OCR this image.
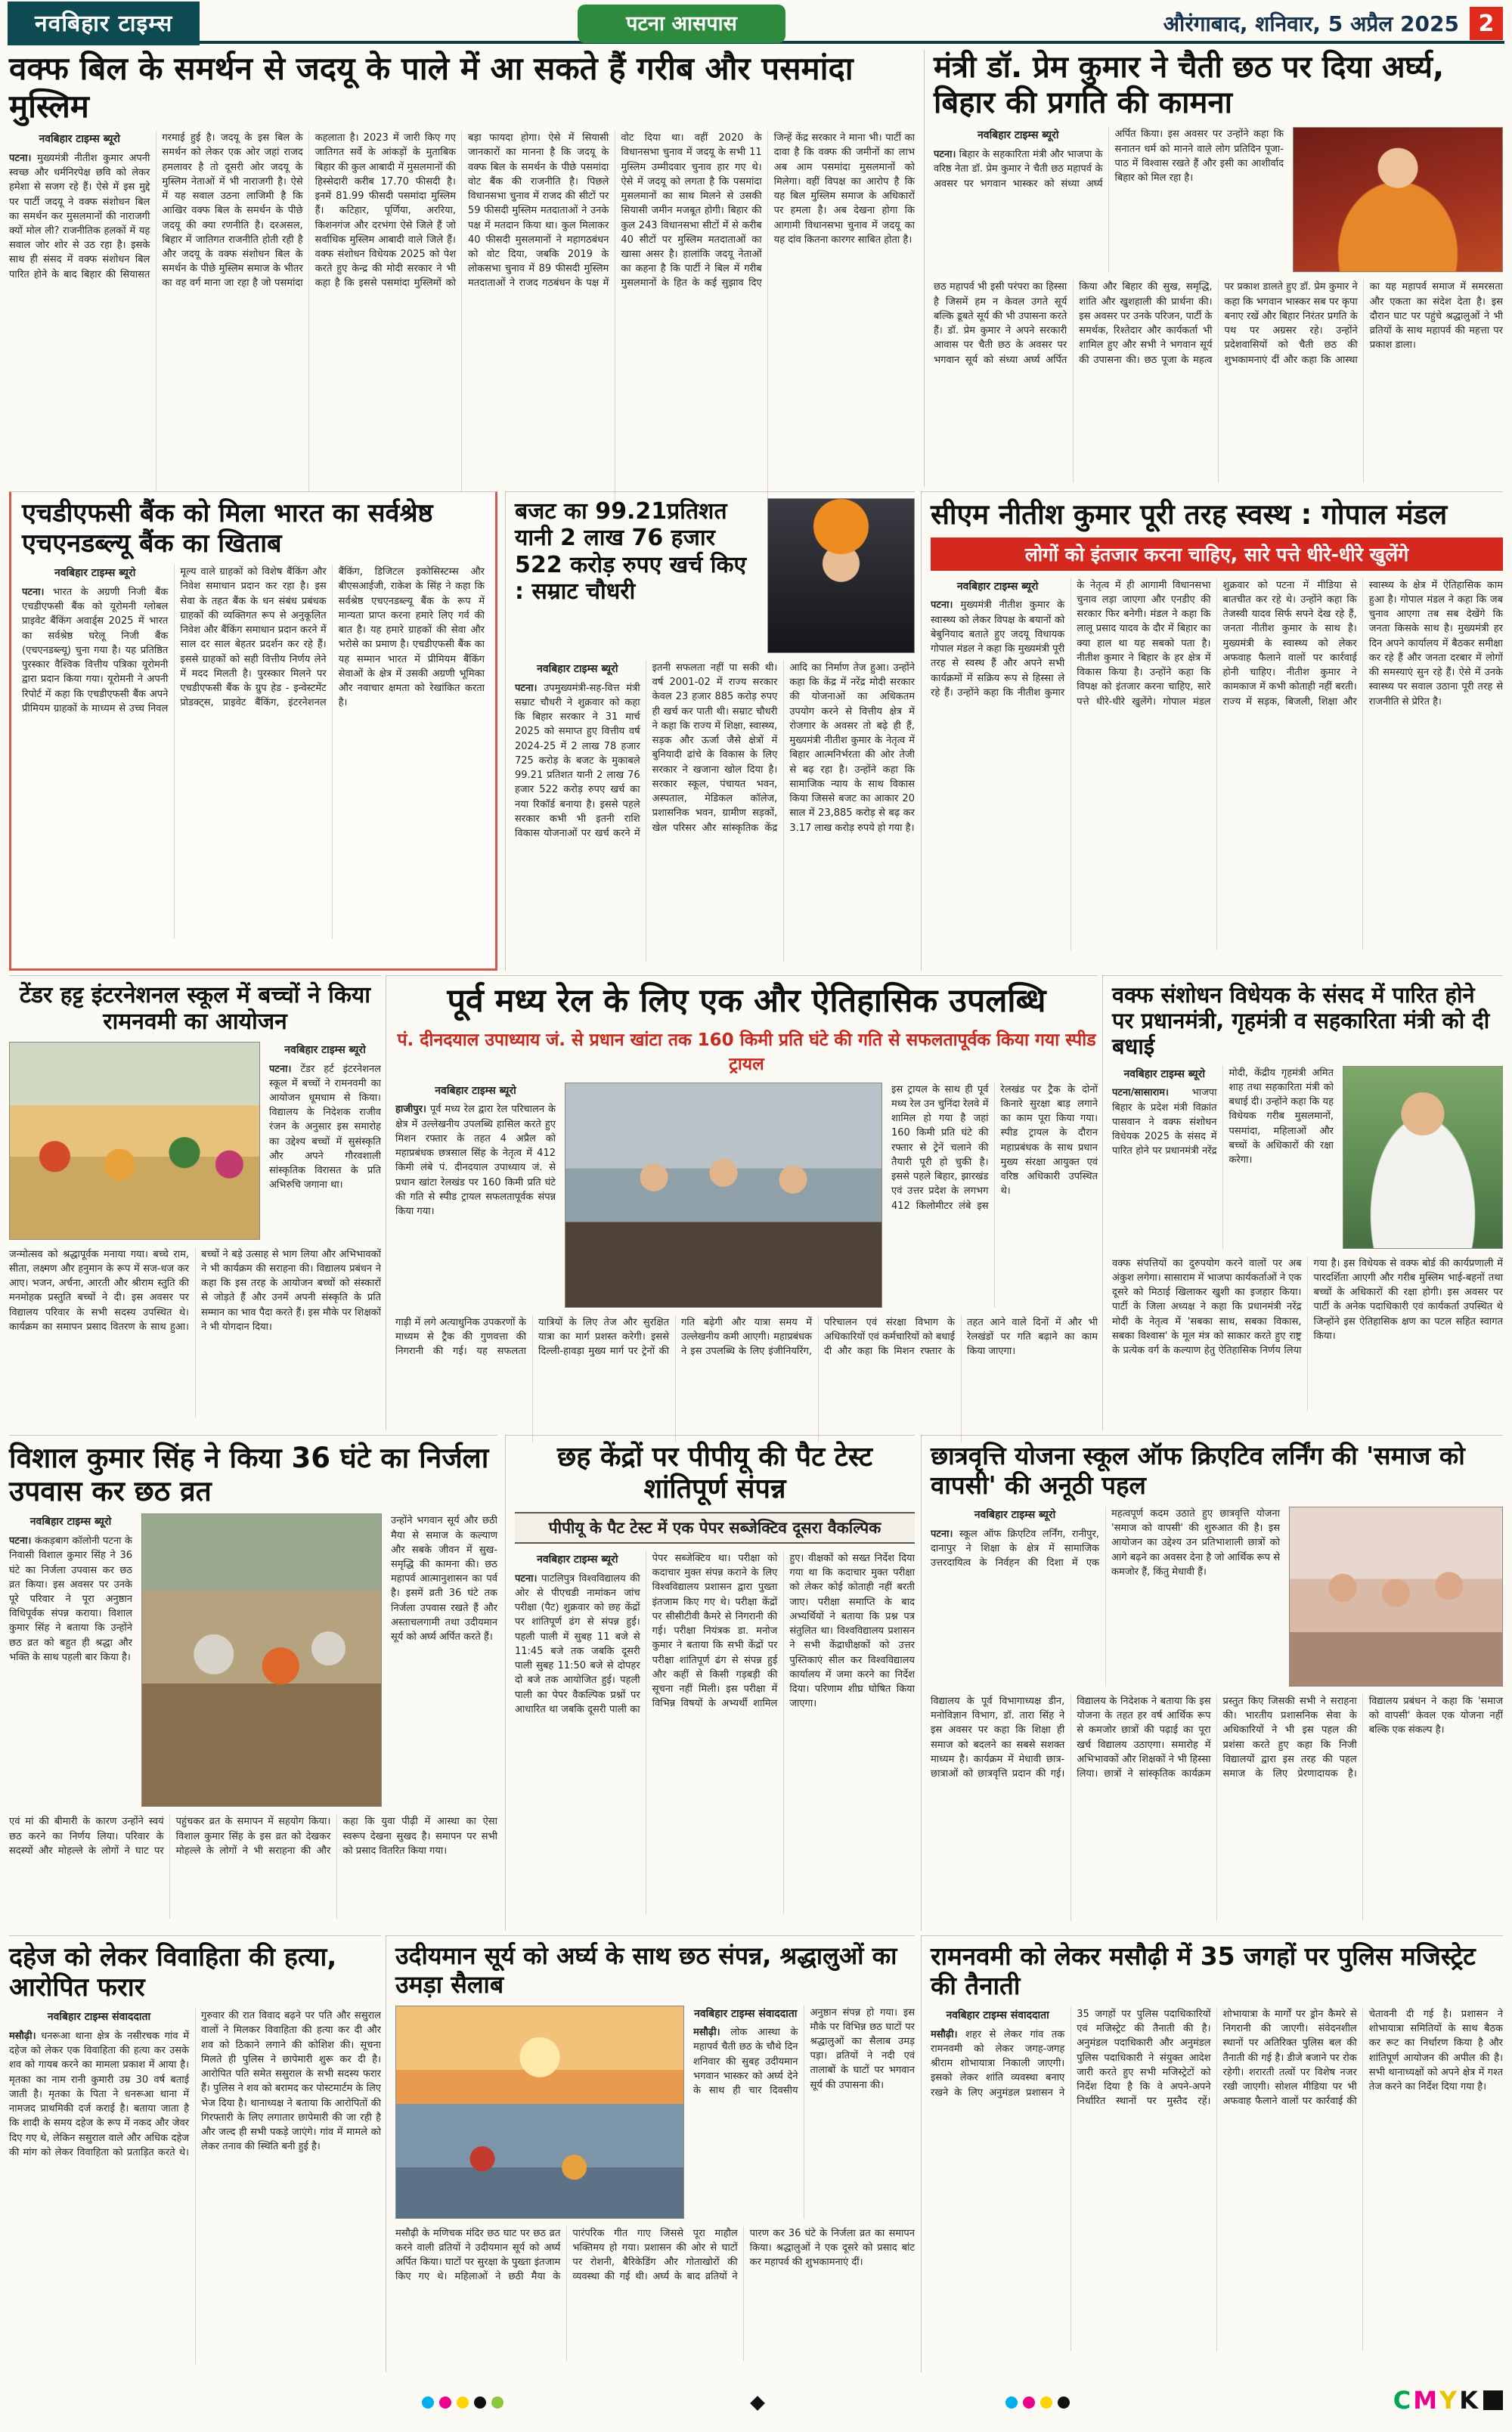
नवबिहार टाइम्स	पटना आसपास	औरंगाबाद, शनिवार, 5 अप्रैल 2025 2
वक्फ बिल के समर्थन से जदयू के पाले में आ सकते हैं गरीब और पसमांदा मुस्लिम
नवबिहार टाइम्स ब्यूरो

पटना। मुख्यमंत्री नीतीश कुमार अपनी स्वच्छ और धर्मनिरपेक्ष छवि को लेकर हमेशा से सजग रहे हैं। ऐसे में इस मुद्दे पर पार्टी जदयू ने वक्फ संशोधन बिल का समर्थन कर मुसलमानों की नाराजगी क्यों मोल ली? राजनीतिक हलकों में यह सवाल जोर शोर से उठ रहा है। इसके साथ ही संसद में वक्फ संशोधन बिल पारित होने के बाद बिहार की सियासत गरमाई हुई है। जदयू के इस बिल के समर्थन को लेकर एक ओर जहां राजद हमलावर है तो दूसरी ओर जदयू के मुस्लिम नेताओं में भी नाराजगी है। ऐसे में यह सवाल उठना लाजिमी है कि आखिर वक्फ बिल के समर्थन के पीछे जदयू की क्या रणनीति है। दरअसल, बिहार में जातिगत राजनीति होती रही है और जदयू के वक्फ संशोधन बिल के समर्थन के पीछे मुस्लिम समाज के भीतर का वह वर्ग माना जा रहा है जो पसमांदा कहलाता है। 2023 में जारी किए गए जातिगत सर्वे के आंकड़ों के मुताबिक बिहार की कुल आबादी में मुसलमानों की हिस्सेदारी करीब 17.70 फीसदी है। इनमें 81.99 फीसदी पसमांदा मुस्लिम हैं। कटिहार, पूर्णिया, अररिया, किशनगंज और दरभंगा ऐसे जिले हैं जो सर्वाधिक मुस्लिम आबादी वाले जिले हैं। वक्फ संशोधन विधेयक 2025 को पेश करते हुए केन्द्र की मोदी सरकार ने भी कहा है कि इससे पसमांदा मुस्लिमों को बड़ा फायदा होगा। ऐसे में सियासी जानकारों का मानना है कि जदयू के वक्फ बिल के समर्थन के पीछे पसमांदा वोट बैंक की राजनीति है। पिछले विधानसभा चुनाव में राजद की सीटों पर 59 फीसदी मुस्लिम मतदाताओं ने उनके पक्ष में मतदान किया था। कुल मिलाकर 40 फीसदी मुसलमानों ने महागठबंधन को वोट दिया, जबकि 2019 के लोकसभा चुनाव में 89 फीसदी मुस्लिम मतदाताओं ने राजद गठबंधन के पक्ष में वोट दिया था। वहीं 2020 के विधानसभा चुनाव में जदयू के सभी 11 मुस्लिम उम्मीदवार चुनाव हार गए थे। ऐसे में जदयू को लगता है कि पसमांदा मुसलमानों का साथ मिलने से उसकी सियासी जमीन मजबूत होगी। बिहार की कुल 243 विधानसभा सीटों में से करीब 40 सीटों पर मुस्लिम मतदाताओं का खासा असर है। हालांकि जदयू नेताओं का कहना है कि पार्टी ने बिल में गरीब मुसलमानों के हित के कई सुझाव दिए जिन्हें केंद्र सरकार ने माना भी। पार्टी का दावा है कि वक्फ की जमीनों का लाभ अब आम पसमांदा मुसलमानों को मिलेगा। वहीं विपक्ष का आरोप है कि यह बिल मुस्लिम समाज के अधिकारों पर हमला है। अब देखना होगा कि आगामी विधानसभा चुनाव में जदयू का यह दांव कितना कारगर साबित होता है।

मंत्री डॉ. प्रेम कुमार ने चैती छठ पर दिया अर्घ्य, बिहार की प्रगति की कामना
नवबिहार टाइम्स ब्यूरो

पटना। बिहार के सहकारिता मंत्री और भाजपा के वरिष्ठ नेता डॉ. प्रेम कुमार ने चैती छठ महापर्व के अवसर पर भगवान भास्कर को संध्या अर्घ्य अर्पित किया। इस अवसर पर उन्होंने कहा कि सनातन धर्म को मानने वाले लोग प्रतिदिन पूजा-पाठ में विश्वास रखते हैं और इसी का आशीर्वाद बिहार को मिल रहा है।

छठ महापर्व भी इसी परंपरा का हिस्सा है जिसमें हम न केवल उगते सूर्य बल्कि डूबते सूर्य की भी उपासना करते हैं। डॉ. प्रेम कुमार ने अपने सरकारी आवास पर चैती छठ के अवसर पर भगवान सूर्य को संध्या अर्घ्य अर्पित किया और बिहार की सुख, समृद्धि, शांति और खुशहाली की प्रार्थना की। इस अवसर पर उनके परिजन, पार्टी के समर्थक, रिश्तेदार और कार्यकर्ता भी शामिल हुए और सभी ने भगवान सूर्य की उपासना की। छठ पूजा के महत्व पर प्रकाश डालते हुए डॉ. प्रेम कुमार ने कहा कि भगवान भास्कर सब पर कृपा बनाए रखें और बिहार निरंतर प्रगति के पथ पर अग्रसर रहे। उन्होंने प्रदेशवासियों को चैती छठ की शुभकामनाएं दीं और कहा कि आस्था का यह महापर्व समाज में समरसता और एकता का संदेश देता है। इस दौरान घाट पर पहुंचे श्रद्धालुओं ने भी व्रतियों के साथ महापर्व की महत्ता पर प्रकाश डाला।

एचडीएफसी बैंक को मिला भारत का सर्वश्रेष्ठ एचएनडब्ल्यू बैंक का खिताब
नवबिहार टाइम्स ब्यूरो

पटना। भारत के अग्रणी निजी बैंक एचडीएफसी बैंक को यूरोमनी ग्लोबल प्राइवेट बैंकिंग अवार्ड्स 2025 में भारत का सर्वश्रेष्ठ घरेलू निजी बैंक (एचएनडब्ल्यू) चुना गया है। यह प्रतिष्ठित पुरस्कार वैश्विक वित्तीय पत्रिका यूरोमनी द्वारा प्रदान किया गया। यूरोमनी ने अपनी रिपोर्ट में कहा कि एचडीएफसी बैंक अपने प्रीमियम ग्राहकों के माध्यम से उच्च निवल मूल्य वाले ग्राहकों को विशेष बैंकिंग और निवेश समाधान प्रदान कर रहा है। इस सेवा के तहत बैंक के धन संबंध प्रबंधक ग्राहकों की व्यक्तिगत रूप से अनुकूलित निवेश और बैंकिंग समाधान प्रदान करने में साल दर साल बेहतर प्रदर्शन कर रहे हैं। इससे ग्राहकों को सही वित्तीय निर्णय लेने में मदद मिलती है। पुरस्कार मिलने पर एचडीएफसी बैंक के ग्रुप हेड - इन्वेस्टमेंट प्रोडक्ट्स, प्राइवेट बैंकिंग, इंटरनेशनल बैंकिंग, डिजिटल इकोसिस्टम्स और बीएसआईजी, राकेश के सिंह ने कहा कि सर्वश्रेष्ठ एचएनडब्ल्यू बैंक के रूप में मान्यता प्राप्त करना हमारे लिए गर्व की बात है। यह हमारे ग्राहकों की सेवा और भरोसे का प्रमाण है। एचडीएफसी बैंक का यह सम्मान भारत में प्रीमियम बैंकिंग सेवाओं के क्षेत्र में उसकी अग्रणी भूमिका और नवाचार क्षमता को रेखांकित करता है।

बजट का 99.21प्रतिशत यानी 2 लाख 76 हजार 522 करोड़ रुपए खर्च किए : सम्राट चौधरी
नवबिहार टाइम्स ब्यूरो

पटना। उपमुख्यमंत्री-सह-वित्त मंत्री सम्राट चौधरी ने शुक्रवार को कहा कि बिहार सरकार ने 31 मार्च 2025 को समाप्त हुए वित्तीय वर्ष 2024-25 में 2 लाख 78 हजार 725 करोड़ के बजट के मुकाबले 99.21 प्रतिशत यानी 2 लाख 76 हजार 522 करोड़ रुपए खर्च का नया रिकॉर्ड बनाया है। इससे पहले सरकार कभी भी इतनी राशि विकास योजनाओं पर खर्च करने में इतनी सफलता नहीं पा सकी थी। वर्ष 2001-02 में राज्य सरकार केवल 23 हजार 885 करोड़ रुपए ही खर्च कर पाती थी। सम्राट चौधरी ने कहा कि राज्य में शिक्षा, स्वास्थ्य, सड़क और ऊर्जा जैसे क्षेत्रों में बुनियादी ढांचे के विकास के लिए सरकार ने खजाना खोल दिया है। सरकार स्कूल, पंचायत भवन, अस्पताल, मेडिकल कॉलेज, प्रशासनिक भवन, ग्रामीण सड़कों, खेल परिसर और सांस्कृतिक केंद्र आदि का निर्माण तेज हुआ। उन्होंने कहा कि केंद्र में नरेंद्र मोदी सरकार की योजनाओं का अधिकतम उपयोग करने से वित्तीय क्षेत्र में रोजगार के अवसर तो बढ़े ही हैं, मुख्यमंत्री नीतीश कुमार के नेतृत्व में बिहार आत्मनिर्भरता की ओर तेजी से बढ़ रहा है। उन्होंने कहा कि सामाजिक न्याय के साथ विकास किया जिससे बजट का आकार 20 साल में 23,885 करोड़ से बढ़ कर 3.17 लाख करोड़ रुपये हो गया है।

सीएम नीतीश कुमार पूरी तरह स्वस्थ : गोपाल मंडल
लोगों को इंतजार करना चाहिए, सारे पत्ते धीरे-धीरे खुलेंगे
नवबिहार टाइम्स ब्यूरो

पटना। मुख्यमंत्री नीतीश कुमार के स्वास्थ्य को लेकर विपक्ष के बयानों को बेबुनियाद बताते हुए जदयू विधायक गोपाल मंडल ने कहा कि मुख्यमंत्री पूरी तरह से स्वस्थ हैं और अपने सभी कार्यक्रमों में सक्रिय रूप से हिस्सा ले रहे हैं। उन्होंने कहा कि नीतीश कुमार के नेतृत्व में ही आगामी विधानसभा चुनाव लड़ा जाएगा और एनडीए की सरकार फिर बनेगी। मंडल ने कहा कि लालू प्रसाद यादव के दौर में बिहार का क्या हाल था यह सबको पता है। नीतीश कुमार ने बिहार के हर क्षेत्र में विकास किया है। उन्होंने कहा कि विपक्ष को इंतजार करना चाहिए, सारे पत्ते धीरे-धीरे खुलेंगे। गोपाल मंडल शुक्रवार को पटना में मीडिया से बातचीत कर रहे थे। उन्होंने कहा कि तेजस्वी यादव सिर्फ सपने देख रहे हैं, जनता नीतीश कुमार के साथ है। मुख्यमंत्री के स्वास्थ्य को लेकर अफवाह फैलाने वालों पर कार्रवाई होनी चाहिए। नीतीश कुमार ने कामकाज में कभी कोताही नहीं बरती। राज्य में सड़क, बिजली, शिक्षा और स्वास्थ्य के क्षेत्र में ऐतिहासिक काम हुआ है। गोपाल मंडल ने कहा कि जब चुनाव आएगा तब सब देखेंगे कि जनता किसके साथ है। मुख्यमंत्री हर दिन अपने कार्यालय में बैठकर समीक्षा कर रहे हैं और जनता दरबार में लोगों की समस्याएं सुन रहे हैं। ऐसे में उनके स्वास्थ्य पर सवाल उठाना पूरी तरह से राजनीति से प्रेरित है।

टेंडर हट्ट इंटरनेशनल स्कूल में बच्चों ने किया रामनवमी का आयोजन
नवबिहार टाइम्स ब्यूरो

पटना। टेंडर हर्ट इंटरनेशनल स्कूल में बच्चों ने रामनवमी का आयोजन धूमधाम से किया। विद्यालय के निदेशक राजीव रंजन के अनुसार इस समारोह का उद्देश्य बच्चों में सुसंस्कृति और अपने गौरवशाली सांस्कृतिक विरासत के प्रति अभिरुचि जगाना था।

जन्मोत्सव को श्रद्धापूर्वक मनाया गया। बच्चे राम, सीता, लक्ष्मण और हनुमान के रूप में सज-धज कर आए। भजन, अर्चना, आरती और श्रीराम स्तुति की मनमोहक प्रस्तुति बच्चों ने दी। इस अवसर पर विद्यालय परिवार के सभी सदस्य उपस्थित थे। कार्यक्रम का समापन प्रसाद वितरण के साथ हुआ। बच्चों ने बड़े उत्साह से भाग लिया और अभिभावकों ने भी कार्यक्रम की सराहना की। विद्यालय प्रबंधन ने कहा कि इस तरह के आयोजन बच्चों को संस्कारों से जोड़ते हैं और उनमें अपनी संस्कृति के प्रति सम्मान का भाव पैदा करते हैं। इस मौके पर शिक्षकों ने भी योगदान दिया।

पूर्व मध्य रेल के लिए एक और ऐतिहासिक उपलब्धि
पं. दीनदयाल उपाध्याय जं. से प्रधान खांटा तक 160 किमी प्रति घंटे की गति से सफलतापूर्वक किया गया स्पीड ट्रायल
नवबिहार टाइम्स ब्यूरो

हाजीपुर। पूर्व मध्य रेल द्वारा रेल परिचालन के क्षेत्र में उल्लेखनीय उपलब्धि हासिल करते हुए मिशन रफ्तार के तहत 4 अप्रैल को महाप्रबंधक छत्रसाल सिंह के नेतृत्व में 412 किमी लंबे पं. दीनदयाल उपाध्याय जं. से प्रधान खांटा रेलखंड पर 160 किमी प्रति घंटे की गति से स्पीड ट्रायल सफलतापूर्वक संपन्न किया गया।

इस ट्रायल के साथ ही पूर्व मध्य रेल उन चुनिंदा रेलवे में शामिल हो गया है जहां 160 किमी प्रति घंटे की रफ्तार से ट्रेनें चलाने की तैयारी पूरी हो चुकी है। इससे पहले बिहार, झारखंड एवं उत्तर प्रदेश के लगभग 412 किलोमीटर लंबे इस रेलखंड पर ट्रैक के दोनों किनारे सुरक्षा बाड़ लगाने का काम पूरा किया गया। स्पीड ट्रायल के दौरान महाप्रबंधक के साथ प्रधान मुख्य संरक्षा आयुक्त एवं वरिष्ठ अधिकारी उपस्थित थे।

गाड़ी में लगे अत्याधुनिक उपकरणों के माध्यम से ट्रैक की गुणवत्ता की निगरानी की गई। यह सफलता यात्रियों के लिए तेज और सुरक्षित यात्रा का मार्ग प्रशस्त करेगी। इससे दिल्ली-हावड़ा मुख्य मार्ग पर ट्रेनों की गति बढ़ेगी और यात्रा समय में उल्लेखनीय कमी आएगी। महाप्रबंधक ने इस उपलब्धि के लिए इंजीनियरिंग, परिचालन एवं संरक्षा विभाग के अधिकारियों एवं कर्मचारियों को बधाई दी और कहा कि मिशन रफ्तार के तहत आने वाले दिनों में और भी रेलखंडों पर गति बढ़ाने का काम किया जाएगा।

वक्फ संशोधन विधेयक के संसद में पारित होने पर प्रधानमंत्री, गृहमंत्री व सहकारिता मंत्री को दी बधाई
नवबिहार टाइम्स ब्यूरो

पटना/सासाराम। भाजपा बिहार के प्रदेश मंत्री विक्रांत पासवान ने वक्फ संशोधन विधेयक 2025 के संसद में पारित होने पर प्रधानमंत्री नरेंद्र मोदी, केंद्रीय गृहमंत्री अमित शाह तथा सहकारिता मंत्री को बधाई दी। उन्होंने कहा कि यह विधेयक गरीब मुसलमानों, पसमांदा, महिलाओं और बच्चों के अधिकारों की रक्षा करेगा।

वक्फ संपत्तियों का दुरुपयोग करने वालों पर अब अंकुश लगेगा। सासाराम में भाजपा कार्यकर्ताओं ने एक दूसरे को मिठाई खिलाकर खुशी का इजहार किया। पार्टी के जिला अध्यक्ष ने कहा कि प्रधानमंत्री नरेंद्र मोदी के नेतृत्व में 'सबका साथ, सबका विकास, सबका विश्वास' के मूल मंत्र को साकार करते हुए राष्ट्र के प्रत्येक वर्ग के कल्याण हेतु ऐतिहासिक निर्णय लिया गया है। इस विधेयक से वक्फ बोर्ड की कार्यप्रणाली में पारदर्शिता आएगी और गरीब मुस्लिम भाई-बहनों तथा बच्चों के अधिकारों की रक्षा होगी। इस अवसर पर पार्टी के अनेक पदाधिकारी एवं कार्यकर्ता उपस्थित थे जिन्होंने इस ऐतिहासिक क्षण का पटल सहित स्वागत किया।

विशाल कुमार सिंह ने किया 36 घंटे का निर्जला उपवास कर छठ व्रत
नवबिहार टाइम्स ब्यूरो

पटना। कंकड़बाग कॉलोनी पटना के निवासी विशाल कुमार सिंह ने 36 घंटे का निर्जला उपवास कर छठ व्रत किया। इस अवसर पर उनके पूरे परिवार ने पूरा अनुष्ठान विधिपूर्वक संपन्न कराया। विशाल कुमार सिंह ने बताया कि उन्होंने छठ व्रत को बहुत ही श्रद्धा और भक्ति के साथ पहली बार किया है।

उन्होंने भगवान सूर्य और छठी मैया से समाज के कल्याण और सबके जीवन में सुख-समृद्धि की कामना की। छठ महापर्व आत्मानुशासन का पर्व है। इसमें व्रती 36 घंटे तक निर्जला उपवास रखते हैं और अस्ताचलगामी तथा उदीयमान सूर्य को अर्घ्य अर्पित करते हैं।

एवं मां की बीमारी के कारण उन्होंने स्वयं छठ करने का निर्णय लिया। परिवार के सदस्यों और मोहल्ले के लोगों ने घाट पर पहुंचकर व्रत के समापन में सहयोग किया। विशाल कुमार सिंह के इस व्रत को देखकर मोहल्ले के लोगों ने भी सराहना की और कहा कि युवा पीढ़ी में आस्था का ऐसा स्वरूप देखना सुखद है। समापन पर सभी को प्रसाद वितरित किया गया।

छह केंद्रों पर पीपीयू की पैट टेस्ट शांतिपूर्ण संपन्न
पीपीयू के पैट टेस्ट में एक पेपर सब्जेक्टिव दूसरा वैकल्पिक
नवबिहार टाइम्स ब्यूरो

पटना। पाटलिपुत्र विश्वविद्यालय की ओर से पीएचडी नामांकन जांच परीक्षा (पैट) शुक्रवार को छह केंद्रों पर शांतिपूर्ण ढंग से संपन्न हुई। पहली पाली में सुबह 11 बजे से 11:45 बजे तक जबकि दूसरी पाली सुबह 11:50 बजे से दोपहर दो बजे तक आयोजित हुई। पहली पाली का पेपर वैकल्पिक प्रश्नों पर आधारित था जबकि दूसरी पाली का पेपर सब्जेक्टिव था। परीक्षा को कदाचार मुक्त संपन्न कराने के लिए विश्वविद्यालय प्रशासन द्वारा पुख्ता इंतजाम किए गए थे। परीक्षा केंद्रों पर सीसीटीवी कैमरे से निगरानी की गई। परीक्षा नियंत्रक डा. मनोज कुमार ने बताया कि सभी केंद्रों पर परीक्षा शांतिपूर्ण ढंग से संपन्न हुई और कहीं से किसी गड़बड़ी की सूचना नहीं मिली। इस परीक्षा में विभिन्न विषयों के अभ्यर्थी शामिल हुए। वीक्षकों को सख्त निर्देश दिया गया था कि कदाचार मुक्त परीक्षा को लेकर कोई कोताही नहीं बरती जाए। परीक्षा समाप्ति के बाद अभ्यर्थियों ने बताया कि प्रश्न पत्र संतुलित था। विश्वविद्यालय प्रशासन ने सभी केंद्राधीक्षकों को उत्तर पुस्तिकाएं सील कर विश्वविद्यालय कार्यालय में जमा करने का निर्देश दिया। परिणाम शीघ्र घोषित किया जाएगा।

छात्रवृत्ति योजना स्कूल ऑफ क्रिएटिव लर्निंग की 'समाज को वापसी' की अनूठी पहल
नवबिहार टाइम्स ब्यूरो

पटना। स्कूल ऑफ क्रिएटिव लर्निंग, रानीपुर, दानापुर ने शिक्षा के क्षेत्र में सामाजिक उत्तरदायित्व के निर्वहन की दिशा में एक महत्वपूर्ण कदम उठाते हुए छात्रवृत्ति योजना 'समाज को वापसी' की शुरुआत की है। इस आयोजन का उद्देश्य उन प्रतिभाशाली छात्रों को आगे बढ़ने का अवसर देना है जो आर्थिक रूप से कमजोर हैं, किंतु मेधावी हैं।

विद्यालय के पूर्व विभागाध्यक्ष डीन, मनोविज्ञान विभाग, डॉ. तारा सिंह ने इस अवसर पर कहा कि शिक्षा ही समाज को बदलने का सबसे सशक्त माध्यम है। कार्यक्रम में मेधावी छात्र-छात्राओं को छात्रवृत्ति प्रदान की गई। विद्यालय के निदेशक ने बताया कि इस योजना के तहत हर वर्ष आर्थिक रूप से कमजोर छात्रों की पढ़ाई का पूरा खर्च विद्यालय उठाएगा। समारोह में अभिभावकों और शिक्षकों ने भी हिस्सा लिया। छात्रों ने सांस्कृतिक कार्यक्रम प्रस्तुत किए जिसकी सभी ने सराहना की। भारतीय प्रशासनिक सेवा के अधिकारियों ने भी इस पहल की प्रशंसा करते हुए कहा कि निजी विद्यालयों द्वारा इस तरह की पहल समाज के लिए प्रेरणादायक है। विद्यालय प्रबंधन ने कहा कि 'समाज को वापसी' केवल एक योजना नहीं बल्कि एक संकल्प है।

दहेज को लेकर विवाहिता की हत्या, आरोपित फरार
नवबिहार टाइम्स संवाददाता

मसौढ़ी। धनरूआ थाना क्षेत्र के नसीरचक गांव में दहेज को लेकर एक विवाहिता की हत्या कर उसके शव को गायब करने का मामला प्रकाश में आया है। मृतका का नाम रानी कुमारी उम्र 30 वर्ष बताई जाती है। मृतका के पिता ने धनरूआ थाना में नामजद प्राथमिकी दर्ज कराई है। बताया जाता है कि शादी के समय दहेज के रूप में नकद और जेवर दिए गए थे, लेकिन ससुराल वाले और अधिक दहेज की मांग को लेकर विवाहिता को प्रताड़ित करते थे। गुरुवार की रात विवाद बढ़ने पर पति और ससुराल वालों ने मिलकर विवाहिता की हत्या कर दी और शव को ठिकाने लगाने की कोशिश की। सूचना मिलते ही पुलिस ने छापेमारी शुरू कर दी है। आरोपित पति समेत ससुराल के सभी सदस्य फरार हैं। पुलिस ने शव को बरामद कर पोस्टमार्टम के लिए भेज दिया है। थानाध्यक्ष ने बताया कि आरोपितों की गिरफ्तारी के लिए लगातार छापेमारी की जा रही है और जल्द ही सभी पकड़े जाएंगे। गांव में मामले को लेकर तनाव की स्थिति बनी हुई है।

उदीयमान सूर्य को अर्घ्य के साथ छठ संपन्न, श्रद्धालुओं का उमड़ा सैलाब
नवबिहार टाइम्स संवाददाता

मसौढ़ी। लोक आस्था के महापर्व चैती छठ के चौथे दिन शनिवार की सुबह उदीयमान भगवान भास्कर को अर्घ्य देने के साथ ही चार दिवसीय अनुष्ठान संपन्न हो गया। इस मौके पर विभिन्न छठ घाटों पर श्रद्धालुओं का सैलाब उमड़ पड़ा। व्रतियों ने नदी एवं तालाबों के घाटों पर भगवान सूर्य की उपासना की।

मसौढ़ी के मणिचक मंदिर छठ घाट पर छठ व्रत करने वाली व्रतियों ने उदीयमान सूर्य को अर्घ्य अर्पित किया। घाटों पर सुरक्षा के पुख्ता इंतजाम किए गए थे। महिलाओं ने छठी मैया के पारंपरिक गीत गाए जिससे पूरा माहौल भक्तिमय हो गया। प्रशासन की ओर से घाटों पर रोशनी, बैरिकेडिंग और गोताखोरों की व्यवस्था की गई थी। अर्घ्य के बाद व्रतियों ने पारण कर 36 घंटे के निर्जला व्रत का समापन किया। श्रद्धालुओं ने एक दूसरे को प्रसाद बांट कर महापर्व की शुभकामनाएं दीं।

रामनवमी को लेकर मसौढ़ी में 35 जगहों पर पुलिस मजिस्ट्रेट की तैनाती
नवबिहार टाइम्स संवाददाता

मसौढ़ी। शहर से लेकर गांव तक रामनवमी को लेकर जगह-जगह श्रीराम शोभायात्रा निकाली जाएगी। इसको लेकर शांति व्यवस्था बनाए रखने के लिए अनुमंडल प्रशासन ने 35 जगहों पर पुलिस पदाधिकारियों एवं मजिस्ट्रेट की तैनाती की है। अनुमंडल पदाधिकारी और अनुमंडल पुलिस पदाधिकारी ने संयुक्त आदेश जारी करते हुए सभी मजिस्ट्रेटों को निर्देश दिया है कि वे अपने-अपने निर्धारित स्थानों पर मुस्तैद रहें। शोभायात्रा के मार्गों पर ड्रोन कैमरे से निगरानी की जाएगी। संवेदनशील स्थानों पर अतिरिक्त पुलिस बल की तैनाती की गई है। डीजे बजाने पर रोक रहेगी। शरारती तत्वों पर विशेष नजर रखी जाएगी। सोशल मीडिया पर भी अफवाह फैलाने वालों पर कार्रवाई की चेतावनी दी गई है। प्रशासन ने शोभायात्रा समितियों के साथ बैठक कर रूट का निर्धारण किया है और शांतिपूर्ण आयोजन की अपील की है। सभी थानाध्यक्षों को अपने क्षेत्र में गश्त तेज करने का निर्देश दिया गया है।

C M Y K
